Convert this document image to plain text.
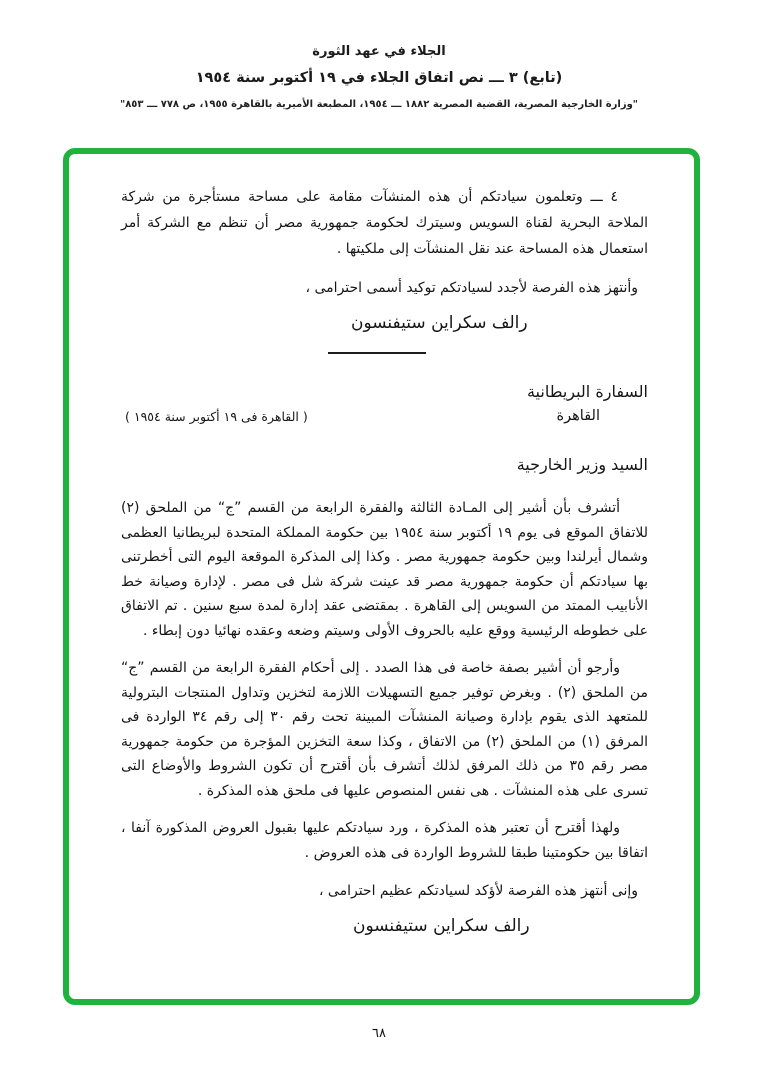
الجلاء في عهد الثورة
(تابع) ٣ ـــ نص اتفاق الجلاء في ١٩ أكتوبر سنة ١٩٥٤
"وزارة الخارجية المصرية، القضية المصرية ١٨٨٢ ـــ ١٩٥٤، المطبعة الأميرية بالقاهرة ١٩٥٥، ص ٧٧٨ ـــ ٨٥٣"

٤ ـــ وتعلمون سيادتكم أن هذه المنشآت مقامة على مساحة مستأجرة من شركة الملاحة البحرية لقناة السويس وسيترك لحكومة جمهورية مصر أن تنظم مع الشركة أمر استعمال هذه المساحة عند نقل المنشآت إلى ملكيتها .

وأنتهز هذه الفرصة لأجدد لسيادتكم توكيد أسمى احترامى ،
رالف سكراين ستيفنسون
السفارة البريطانية
القاهرة
( القاهرة فى ١٩ أكتوبر سنة ١٩٥٤ )
السيد وزير الخارجية

أتشرف بأن أشير إلى المـادة الثالثة والفقرة الرابعة من القسم ”ج“ من الملحق (٢) للاتفاق الموقع فى يوم ١٩ أكتوبر سنة ١٩٥٤ بين حكومة المملكة المتحدة لبريطانيا العظمى وشمال أيرلندا وبين حكومة جمهورية مصر . وكذا إلى المذكرة الموقعة اليوم التى أخطرتنى بها سيادتكم أن حكومة جمهورية مصر قد عينت شركة شل فى مصر . لإدارة وصيانة خط الأنابيب الممتد من السويس إلى القاهرة . بمقتضى عقد إدارة لمدة سبع سنين . تم الاتفاق على خطوطه الرئيسية ووقع عليه بالحروف الأولى وسيتم وضعه وعقده نهائيا دون إبطاء .

وأرجو أن أشير بصفة خاصة فى هذا الصدد . إلى أحكام الفقرة الرابعة من القسم ”ج“ من الملحق (٢) . وبغرض توفير جميع التسهيلات اللازمة لتخزين وتداول المنتجات البترولية للمتعهد الذى يقوم بإدارة وصيانة المنشآت المبينة تحت رقم ٣٠ إلى رقم ٣٤ الواردة فى المرفق (١) من الملحق (٢) من الاتفاق ، وكذا سعة التخزين المؤجرة من حكومة جمهورية مصر رقم ٣٥ من ذلك المرفق لذلك أتشرف بأن أقترح أن تكون الشروط والأوضاع التى تسرى على هذه المنشآت . هى نفس المنصوص عليها فى ملحق هذه المذكرة .

ولهذا أقترح أن تعتبر هذه المذكرة ، ورد سيادتكم عليها بقبول العروض المذكورة آنفا ، اتفاقا بين حكومتينا طبقا للشروط الواردة فى هذه العروض .

وإنى أنتهز هذه الفرصة لأؤكد لسيادتكم عظيم احترامى ،
رالف سكراين ستيفنسون
٦٨
